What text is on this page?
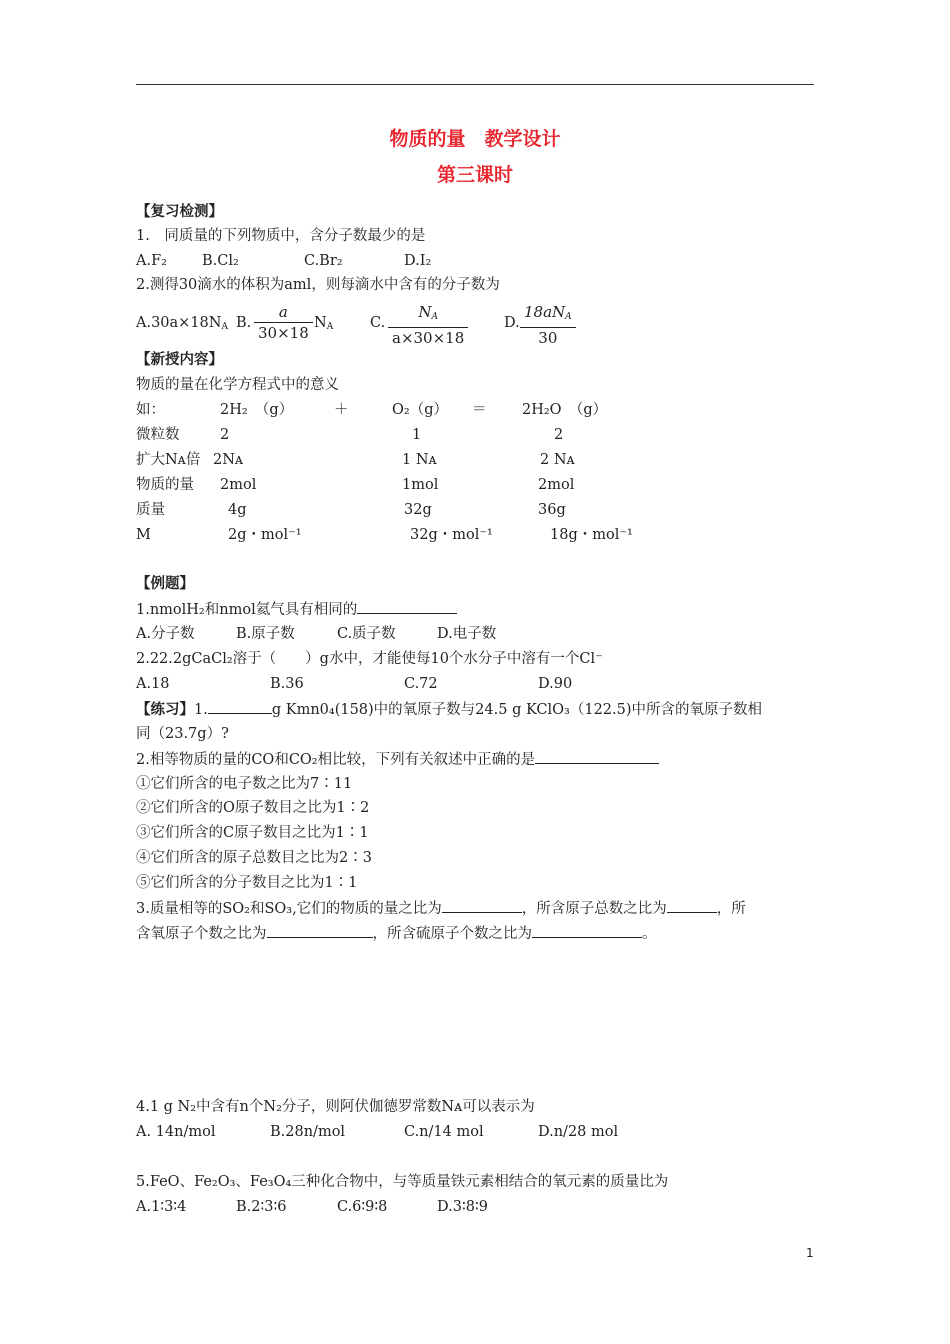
物质的量　教学设计
第三课时
【复习检测】
1.　同质量的下列物质中，含分子数最少的是
A.F₂ B.Cl₂	C.Br₂	D.I₂
2.测得30滴水的体积为aml，则每滴水中含有的分子数为
$A.30a\times 18N_A$ B. $\frac{a}{30\times 18} N_A$	C. $\frac{N_A}{a\times 30\times 18} D$.
$18aN_A$
30
【新授内容】
物质的量在化学方程式中的意义
如：	2H₂　（g）	＋	O₂（g） ＝ 2H₂O　（g）
微粒数	2	1	2
扩大Nᴀ倍 2Nᴀ	1 Nᴀ	2 Nᴀ
物质的量 2mol	1mol	2mol
质量	4g	32g	36g
M	2g・mol⁻¹	32g・mol⁻¹	18g・mol⁻¹
【例题】
1.nmolH₂和nmol氦气具有相同的
A.分子数	B.原子数	C.质子数	D.电子数
2.22.2gCaCl₂溶于（　　）g水中，才能使每10个水分子中溶有一个Cl⁻
A.18	B.36	C.72	D.90
【练习】1.	g Kmn0₄(158)中的氧原子数与24.5 g KClO₃（122.5)中所含的氧原子数相
同（23.7g）?
2.相等物质的量的CO和CO₂相比较，下列有关叙述中正确的是
①它们所含的电子数之比为7∶11
②它们所含的O原子数目之比为1∶2
③它们所含的C原子数目之比为1∶1
④它们所含的原子总数目之比为2∶3
⑤它们所含的分子数目之比为1∶1
3.质量相等的SO₂和SO₃,它们的物质的量之比为	，所含原子总数之比为	，所
含氧原子个数之比为	，所含硫原子个数之比为	。
4.1 g N₂中含有n个N₂分子，则阿伏伽德罗常数Nᴀ可以表示为
A. 14n/mol	B.28n/mol	C.n/14 mol	D.n/28 mol
5.FeO、Fe₂O₃、Fe₃O₄三种化合物中，与等质量铁元素相结合的氧元素的质量比为
A.1∶3∶4	B.2∶3∶6	C.6∶9∶8	D.3∶8∶9
1
